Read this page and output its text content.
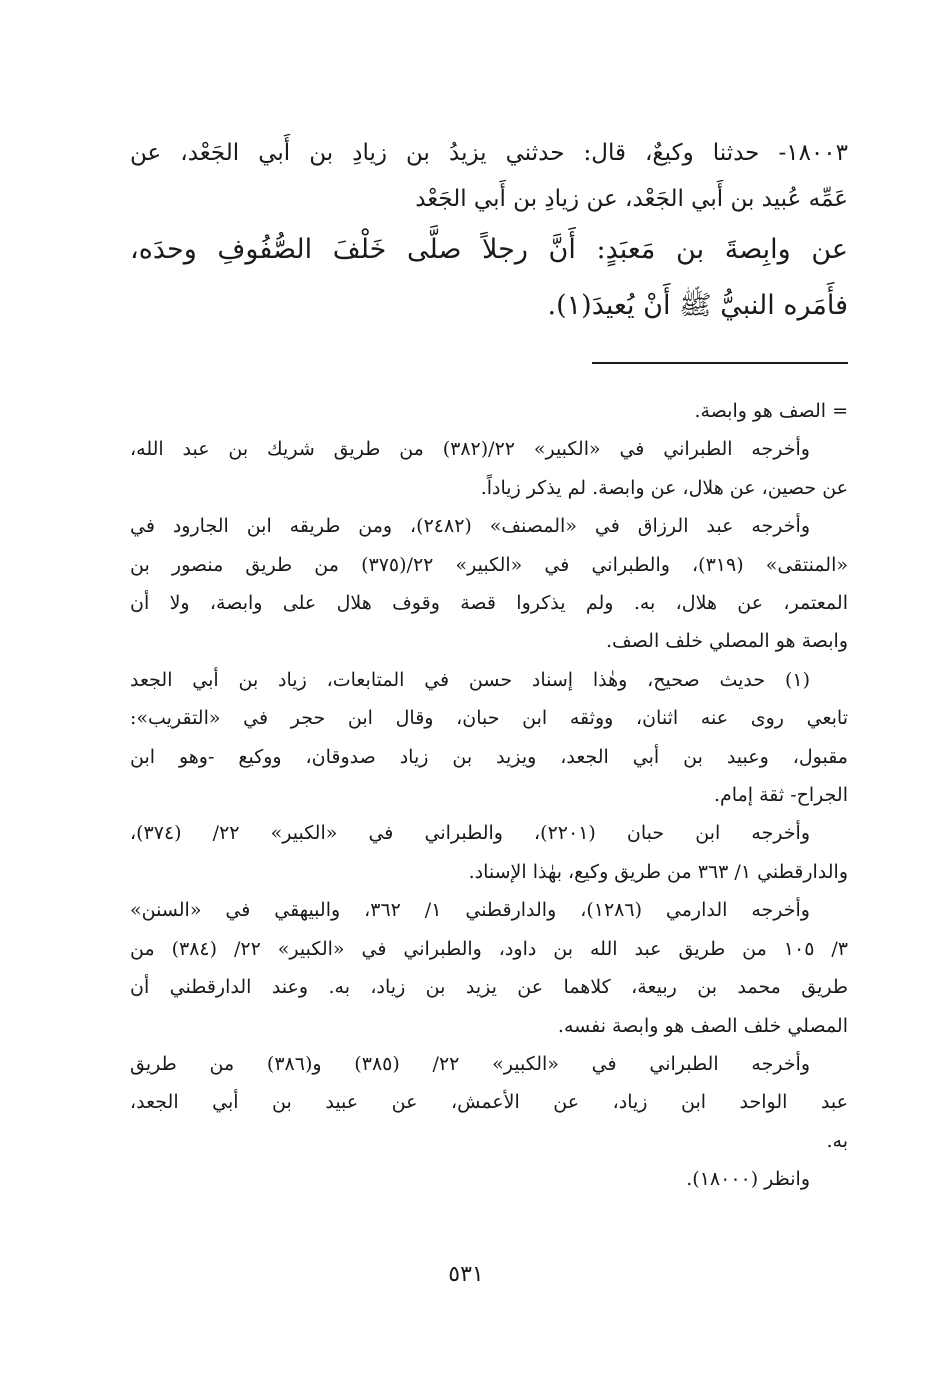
١٨٠٠٣- حدثنا وكيعٌ، قال: حدثني يزيدُ بن زيادِ بن أَبي الجَعْد، عن
عَمِّه عُبيد بن أَبي الجَعْد، عن زيادِ بن أَبي الجَعْد
عن وابِصةَ بن مَعبَدٍ: أَنَّ رجلاً صلَّى خَلْفَ الصُّفُوفِ وحدَه،
فأَمَره النبيُّ ﷺ أَنْ يُعيدَ(١).
= الصف هو وابصة.
وأخرجه الطبراني في «الكبير» ٢٢/(٣٨٢) من طريق شريك بن عبد الله،
عن حصين، عن هلال، عن وابصة. لم يذكر زياداً.
وأخرجه عبد الرزاق في «المصنف» (٢٤٨٢)، ومن طريقه ابن الجارود في
«المنتقى» (٣١٩)، والطبراني في «الكبير» ٢٢/(٣٧٥) من طريق منصور بن
المعتمر، عن هلال، به. ولم يذكروا قصة وقوف هلال على وابصة، ولا أن
وابصة هو المصلي خلف الصف.
(١) حديث صحيح، وهٰذا إسناد حسن في المتابعات، زياد بن أبي الجعد
تابعي روى عنه اثنان، ووثقه ابن حبان، وقال ابن حجر في «التقريب»:
مقبول، وعبيد بن أبي الجعد، ويزيد بن زياد صدوقان، ووكيع -وهو ابن
الجراح- ثقة إمام.
وأخرجه ابن حبان (٢٢٠١)، والطبراني في «الكبير» ٢٢/ (٣٧٤)،
والدارقطني ١/ ٣٦٣ من طريق وكيع، بهٰذا الإسناد.
وأخرجه الدارمي (١٢٨٦)، والدارقطني ١/ ٣٦٢، والبيهقي في «السنن»
٣/ ١٠٥ من طريق عبد الله بن داود، والطبراني في «الكبير» ٢٢/ (٣٨٤) من
طريق محمد بن ربيعة، كلاهما عن يزيد بن زياد، به. وعند الدارقطني أن
المصلي خلف الصف هو وابصة نفسه.
وأخرجه الطبراني في «الكبير» ٢٢/ (٣٨٥) و(٣٨٦) من طريق
عبد الواحد ابن زياد، عن الأعمش، عن عبيد بن أبي الجعد،
به.
وانظر (١٨٠٠٠).
٥٣١
